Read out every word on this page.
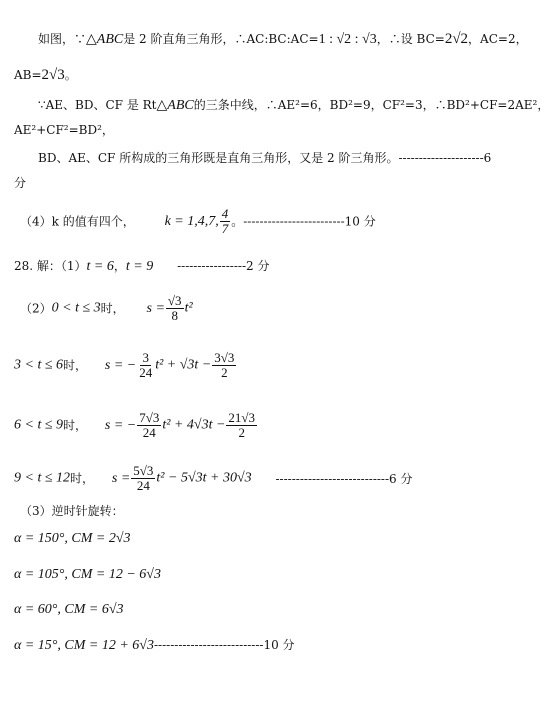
如图，∵△ABC是 2 阶直角三角形，∴AC:BC:AC=1 : √2 : √3，∴设 BC=2√2，AC=2，
AB=2√3。
∵AE、BD、CF 是 Rt△ABC的三条中线，∴AE²=6，BD²=9，CF²=3，∴BD²+CF=2AE²，
AE²+CF²=BD²，
BD、AE、CF 所构成的三角形既是直角三角形，又是 2 阶三角形。---------------------6
分
（4）k 的值有四个， k = 1,4,7, $\frac{4}{7}$ 。-------------------------10 分
28. 解：（1）t = 6，t = 9 -----------------2 分
（2）0 < t ≤ 3时， $s = \frac{√3}{8} t^2$
3 < t ≤ 6时， s = − $\frac{3}{24} t^2 + √3t - \frac{3√3}{2}$
6 < t ≤ 9时， s = − $\frac{7√3}{24} t^2 + 4√3t - \frac{21√3}{2}$
9 < t ≤ 12时， $s = \frac{5√3}{24} t^2 - 5√3t + 30√3$ ----------------------------6 分
（3）逆时针旋转：
α = 150°, CM = 2√3
α = 105°, CM = 12 − 6√3
α = 60°, CM = 6√3
α = 15°, CM = 12 + 6√3---------------------------10 分
